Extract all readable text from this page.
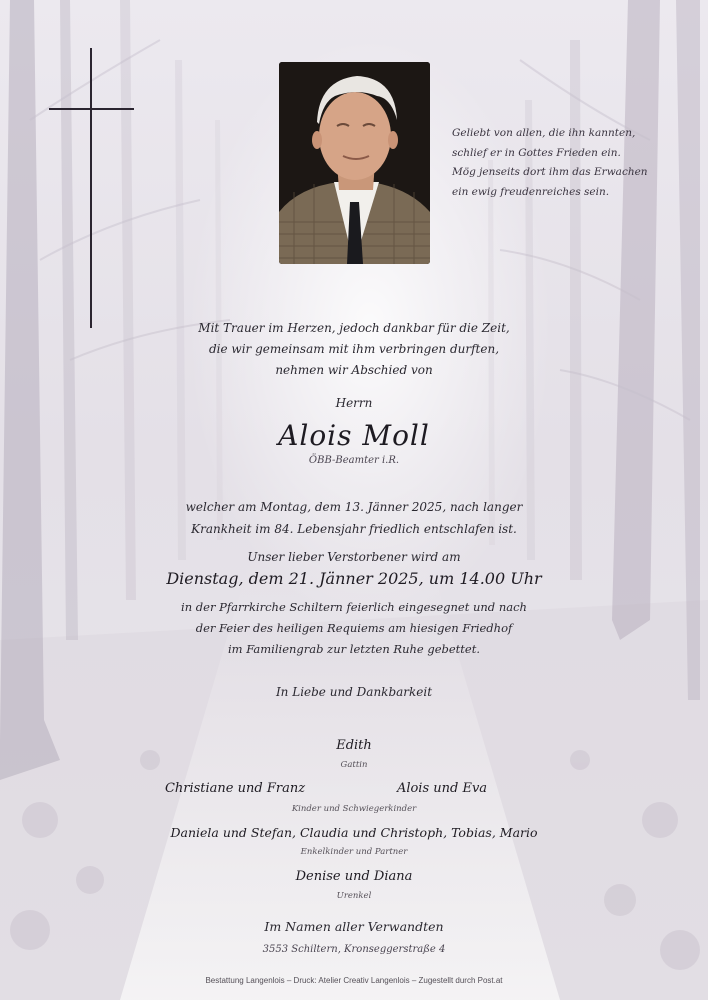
Geliebt von allen, die ihn kannten,
schlief er in Gottes Frieden ein.
Mög jenseits dort ihm das Erwachen
ein ewig freudenreiches sein.
Mit Trauer im Herzen, jedoch dankbar für die Zeit,
die wir gemeinsam mit ihm verbringen durften,
nehmen wir Abschied von
Herrn
Alois Moll
ÖBB-Beamter i.R.
welcher am Montag, dem 13. Jänner 2025, nach langer
Krankheit im 84. Lebensjahr friedlich entschlafen ist.
Unser lieber Verstorbener wird am
Dienstag, dem 21. Jänner 2025, um 14.00 Uhr
in der Pfarrkirche Schiltern feierlich eingesegnet und nach
der Feier des heiligen Requiems am hiesigen Friedhof
im Familiengrab zur letzten Ruhe gebettet.
In Liebe und Dankbarkeit
Edith
Gattin
Christiane und Franz	Alois und Eva
Kinder und Schwiegerkinder
Daniela und Stefan, Claudia und Christoph, Tobias, Mario
Enkelkinder und Partner
Denise und Diana
Urenkel
Im Namen aller Verwandten
3553 Schiltern, Kronseggerstraße 4
Bestattung Langenlois – Druck: Atelier Creativ Langenlois – Zugestellt durch Post.at
